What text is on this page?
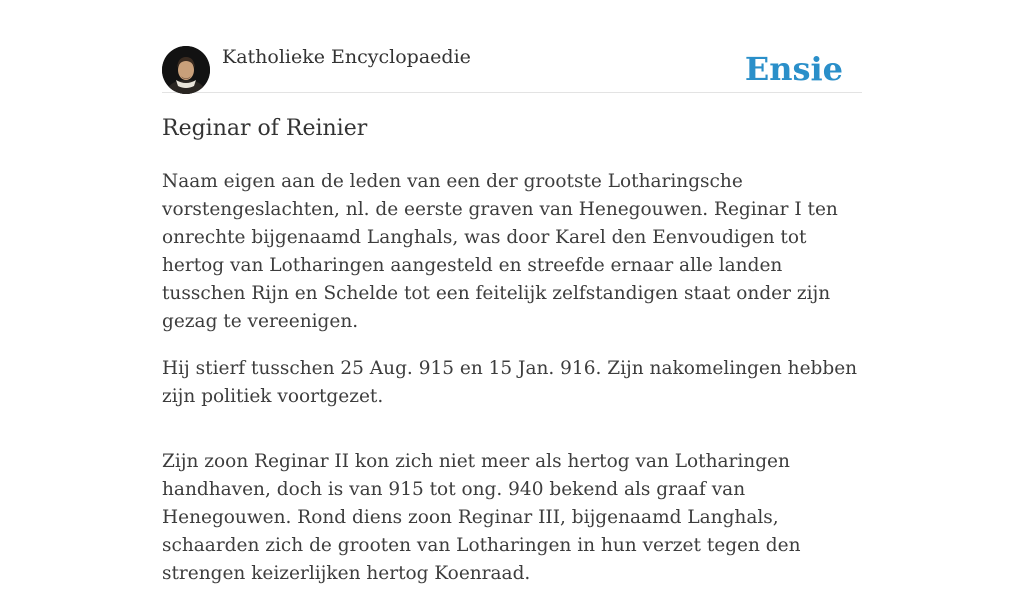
Katholieke Encyclopaedie	Ensie
Reginar of Reinier

Naam eigen aan de leden van een der grootste Lotharingsche vorstengeslachten, nl. de eerste graven van Henegouwen. Reginar I ten onrechte bijgenaamd Langhals, was door Karel den Eenvoudigen tot hertog van Lotharingen aangesteld en streefde ernaar alle landen tusschen Rijn en Schelde tot een feitelijk zelfstandigen staat onder zijn gezag te vereenigen.

Hij stierf tusschen 25 Aug. 915 en 15 Jan. 916. Zijn nakomelingen hebben zijn politiek voortgezet.

Zijn zoon Reginar II kon zich niet meer als hertog van Lotharingen handhaven, doch is van 915 tot ong. 940 bekend als graaf van Henegouwen. Rond diens zoon Reginar III, bijgenaamd Langhals, schaarden zich de grooten van Lotharingen in hun verzet tegen den strengen keizerlijken hertog Koenraad.
